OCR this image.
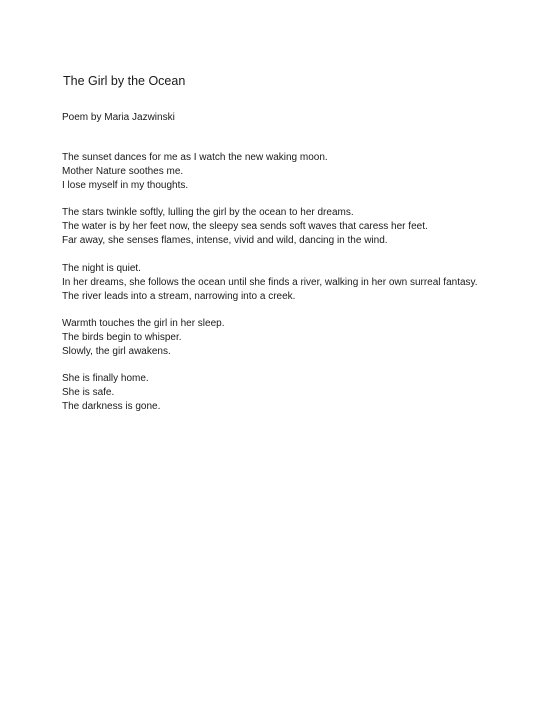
The Girl by the Ocean

Poem by Maria Jazwinski

The sunset dances for me as I watch the new waking moon.
Mother Nature soothes me.
I lose myself in my thoughts.
The stars twinkle softly, lulling the girl by the ocean to her dreams.
The water is by her feet now, the sleepy sea sends soft waves that caress her feet.
Far away, she senses flames, intense, vivid and wild, dancing in the wind.
The night is quiet.
In her dreams, she follows the ocean until she finds a river, walking in her own surreal fantasy.
The river leads into a stream, narrowing into a creek.
Warmth touches the girl in her sleep.
The birds begin to whisper.
Slowly, the girl awakens.
She is finally home.
She is safe.
The darkness is gone.
